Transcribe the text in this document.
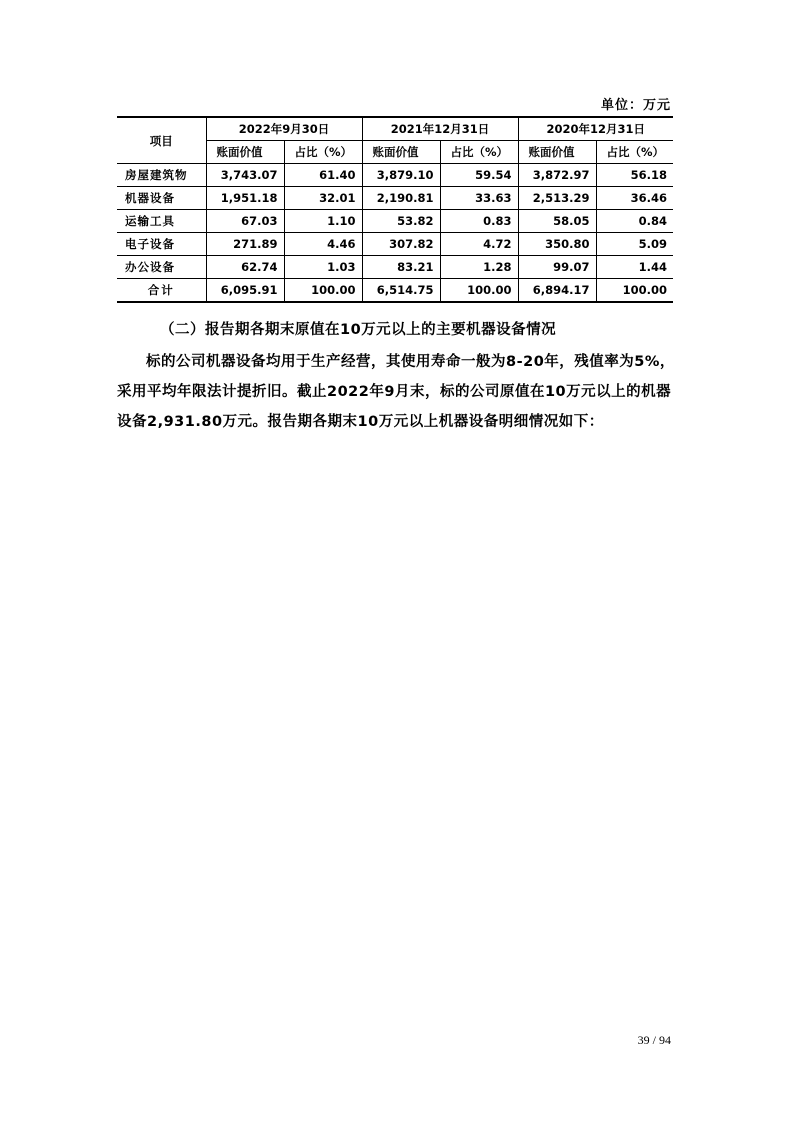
单位：万元
项目	2022年9月30日		2021年12月31日		2020年12月31日	
	账面价值	占比（%）	账面价值	占比（%）	账面价值	占比（%）
房屋建筑物	3,743.07	61.40	3,879.10	59.54	3,872.97	56.18
机器设备	1,951.18	32.01	2,190.81	33.63	2,513.29	36.46
运输工具	67.03	1.10	53.82	0.83	58.05	0.84
电子设备	271.89	4.46	307.82	4.72	350.80	5.09
办公设备	62.74	1.03	83.21	1.28	99.07	1.44
合计	6,095.91	100.00	6,514.75	100.00	6,894.17	100.00
（二）报告期各期末原值在10万元以上的主要机器设备情况
标的公司机器设备均用于生产经营，其使用寿命一般为8-20年，残值率为5%，采用平均年限法计提折旧。截止2022年9月末，标的公司原值在10万元以上的机器设备2,931.80万元。报告期各期末10万元以上机器设备明细情况如下：
39 / 94
